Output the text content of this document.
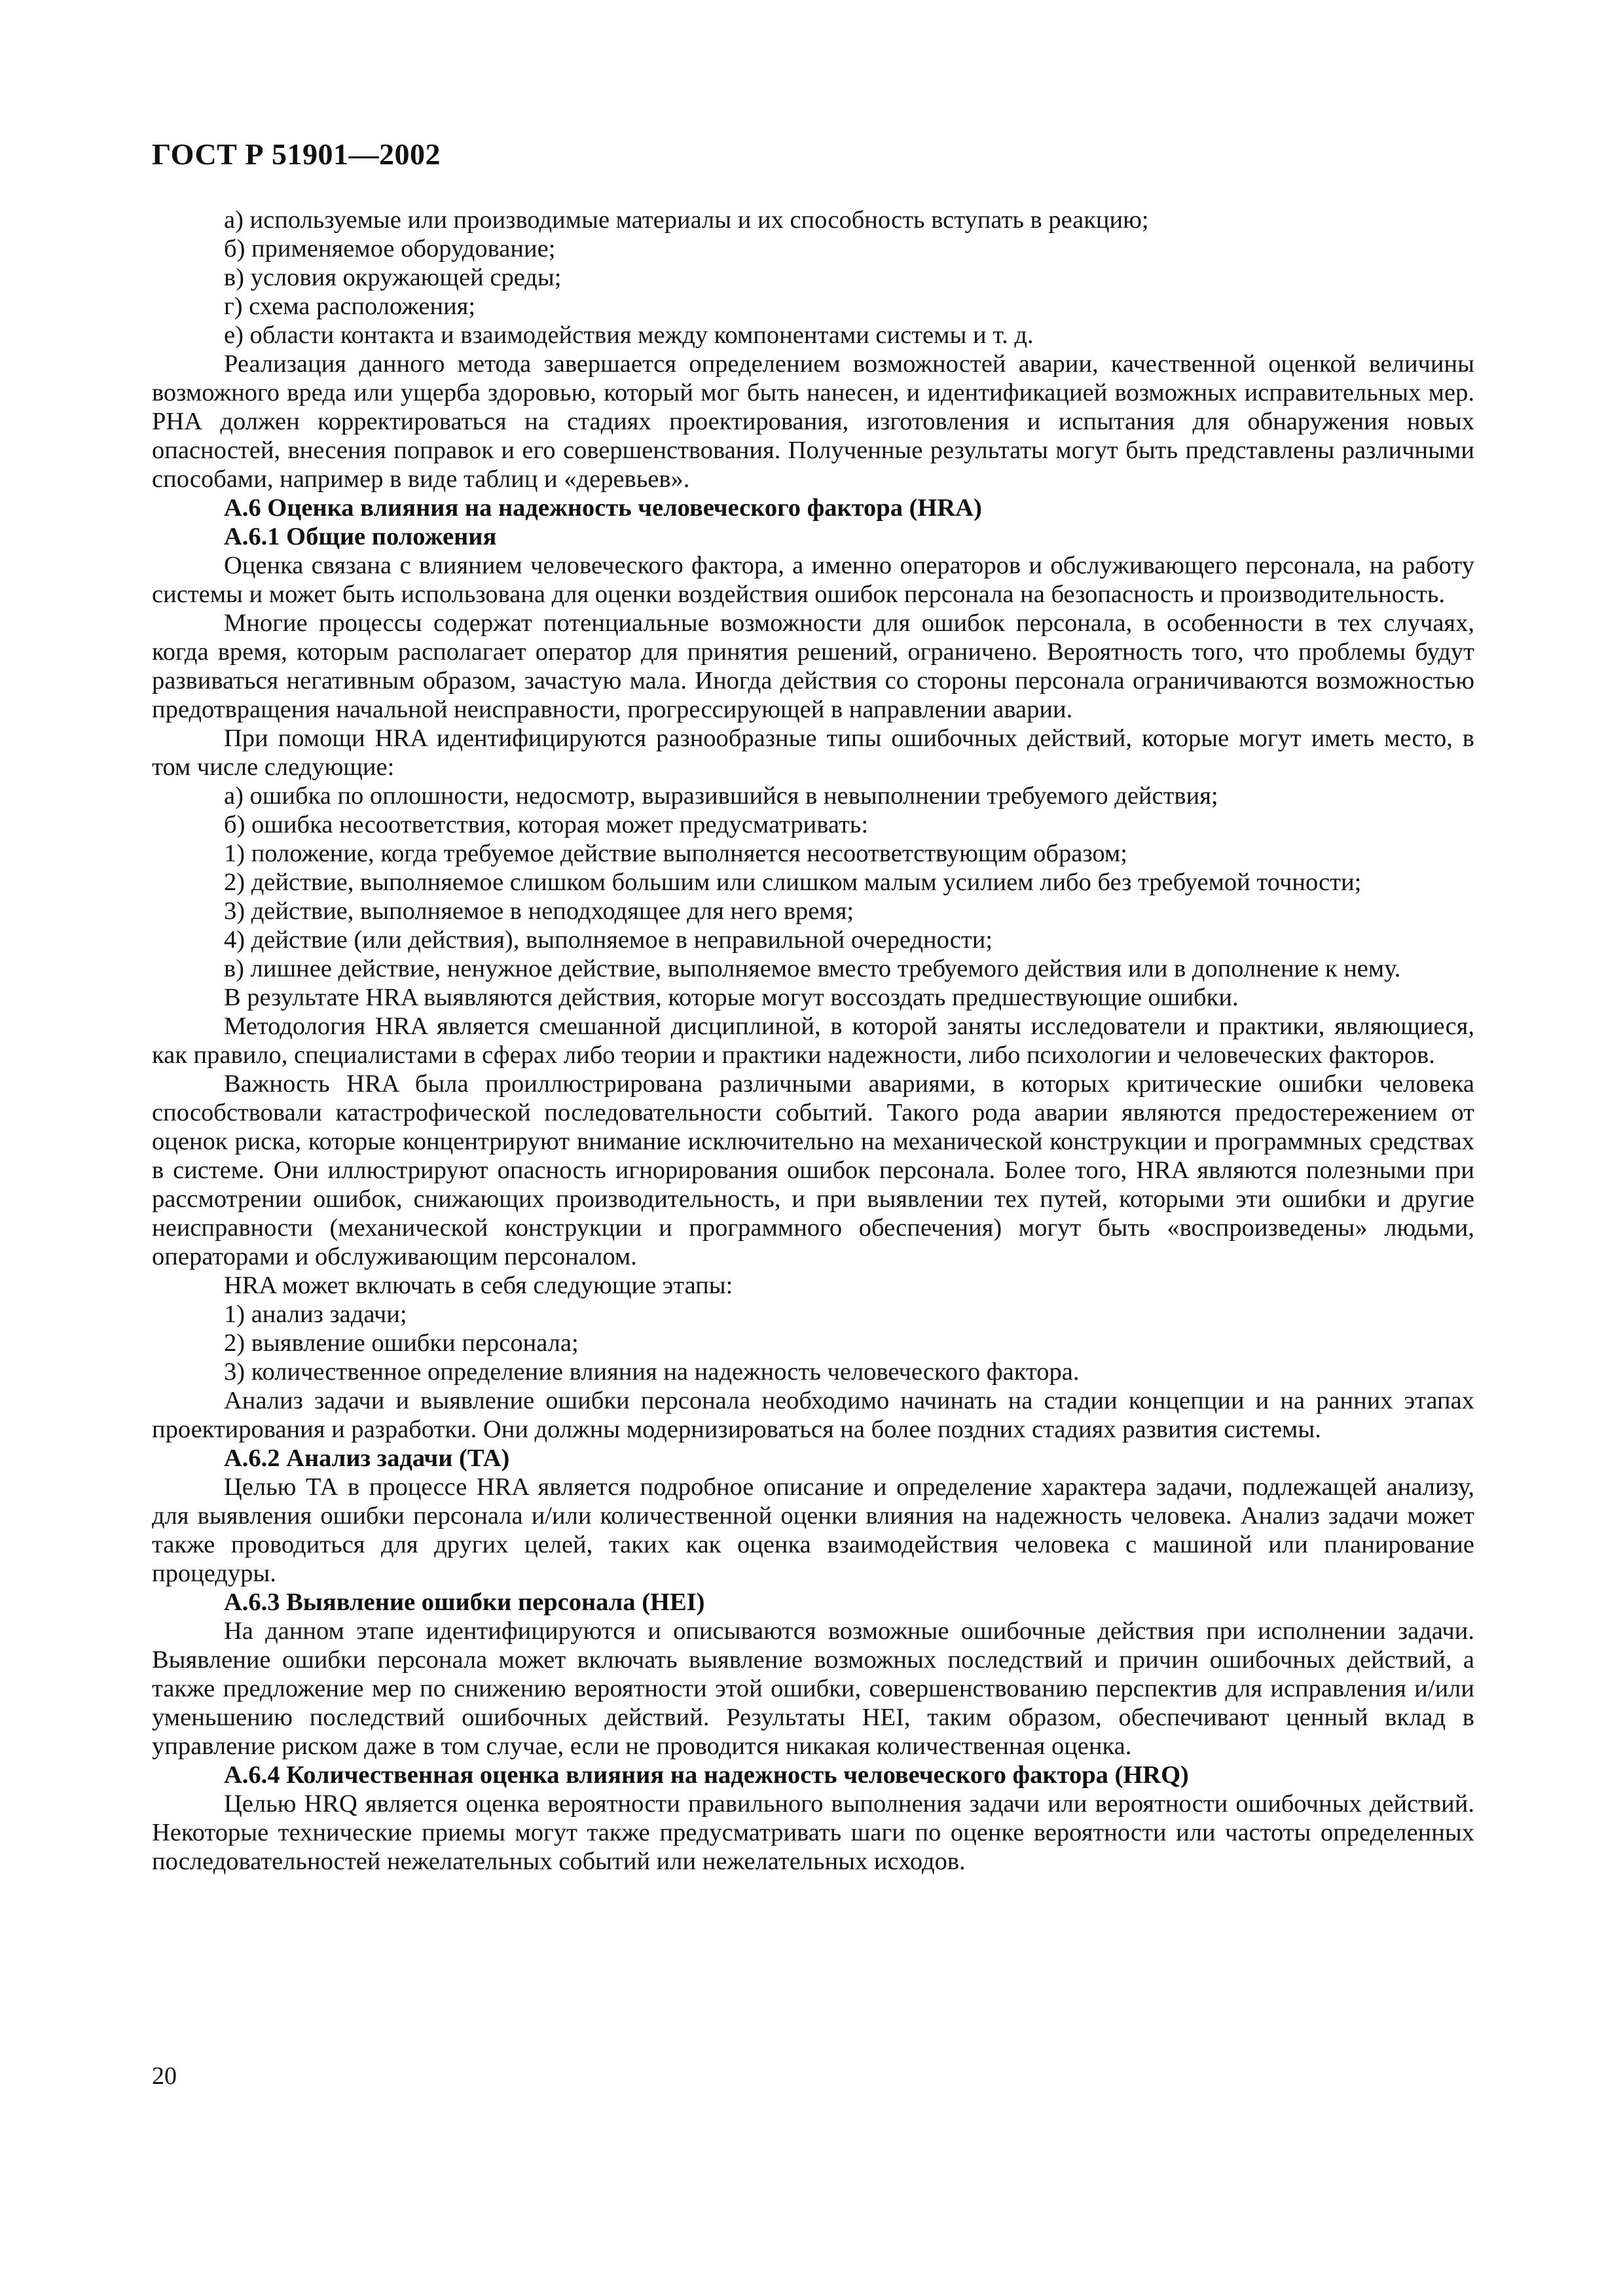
ГОСТ Р 51901—2002
а) используемые или производимые материалы и их способность вступать в реакцию;
б) применяемое оборудование;
в) условия окружающей среды;
г) схема расположения;
е) области контакта и взаимодействия между компонентами системы и т. д.
Реализация данного метода завершается определением возможностей аварии, качественной оценкой величины возможного вреда или ущерба здоровью, который мог быть нанесен, и идентификацией возможных исправительных мер. РНА должен корректироваться на стадиях проектирования, изготовления и испытания для обнаружения новых опасностей, внесения поправок и его совершенствования. Полученные результаты могут быть представлены различными способами, например в виде таблиц и «деревьев».
А.6 Оценка влияния на надежность человеческого фактора (HRA)
А.6.1 Общие положения
Оценка связана с влиянием человеческого фактора, а именно операторов и обслуживающего персонала, на работу системы и может быть использована для оценки воздействия ошибок персонала на безопасность и производительность.
Многие процессы содержат потенциальные возможности для ошибок персонала, в особенности в тех случаях, когда время, которым располагает оператор для принятия решений, ограничено. Вероятность того, что проблемы будут развиваться негативным образом, зачастую мала. Иногда действия со стороны персонала ограничиваются возможностью предотвращения начальной неисправности, прогрессирующей в направлении аварии.
При помощи HRA идентифицируются разнообразные типы ошибочных действий, которые могут иметь место, в том числе следующие:
а) ошибка по оплошности, недосмотр, выразившийся в невыполнении требуемого действия;
б) ошибка несоответствия, которая может предусматривать:
1) положение, когда требуемое действие выполняется несоответствующим образом;
2) действие, выполняемое слишком большим или слишком малым усилием либо без требуемой точности;
3) действие, выполняемое в неподходящее для него время;
4) действие (или действия), выполняемое в неправильной очередности;
в) лишнее действие, ненужное действие, выполняемое вместо требуемого действия или в дополнение к нему.
В результате HRA выявляются действия, которые могут воссоздать предшествующие ошибки.
Методология HRA является смешанной дисциплиной, в которой заняты исследователи и практики, являющиеся, как правило, специалистами в сферах либо теории и практики надежности, либо психологии и человеческих факторов.
Важность HRA была проиллюстрирована различными авариями, в которых критические ошибки человека способствовали катастрофической последовательности событий. Такого рода аварии являются предостережением от оценок риска, которые концентрируют внимание исключительно на механической конструкции и программных средствах в системе. Они иллюстрируют опасность игнорирования ошибок персонала. Более того, HRA являются полезными при рассмотрении ошибок, снижающих производительность, и при выявлении тех путей, которыми эти ошибки и другие неисправности (механической конструкции и программного обеспечения) могут быть «воспроизведены» людьми, операторами и обслуживающим персоналом.
HRA может включать в себя следующие этапы:
1) анализ задачи;
2) выявление ошибки персонала;
3) количественное определение влияния на надежность человеческого фактора.
Анализ задачи и выявление ошибки персонала необходимо начинать на стадии концепции и на ранних этапах проектирования и разработки. Они должны модернизироваться на более поздних стадиях развития системы.
А.6.2 Анализ задачи (ТА)
Целью ТА в процессе HRA является подробное описание и определение характера задачи, подлежащей анализу, для выявления ошибки персонала и/или количественной оценки влияния на надежность человека. Анализ задачи может также проводиться для других целей, таких как оценка взаимодействия человека с машиной или планирование процедуры.
А.6.3 Выявление ошибки персонала (HEI)
На данном этапе идентифицируются и описываются возможные ошибочные действия при исполнении задачи. Выявление ошибки персонала может включать выявление возможных последствий и причин ошибочных действий, а также предложение мер по снижению вероятности этой ошибки, совершенствованию перспектив для исправления и/или уменьшению последствий ошибочных действий. Результаты HEI, таким образом, обеспечивают ценный вклад в управление риском даже в том случае, если не проводится никакая количественная оценка.
А.6.4 Количественная оценка влияния на надежность человеческого фактора (HRQ)
Целью HRQ является оценка вероятности правильного выполнения задачи или вероятности ошибочных действий. Некоторые технические приемы могут также предусматривать шаги по оценке вероятности или частоты определенных последовательностей нежелательных событий или нежелательных исходов.
20
